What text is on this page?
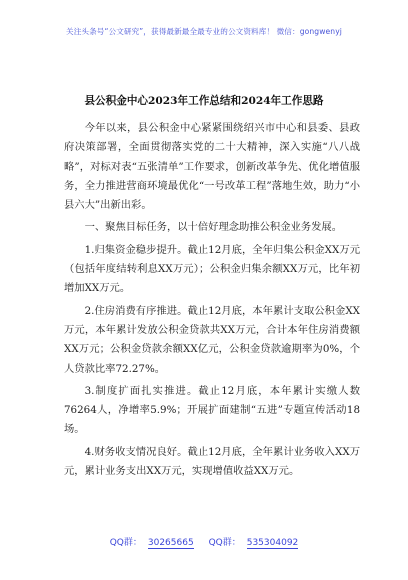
关注头条号“公文研究”，获得最新最全最专业的公文资料库！ 微信：gongwenyj
县公积金中心2023年工作总结和2024年工作思路

今年以来，县公积金中心紧紧围绕绍兴市中心和县委、县政府决策部署，全面贯彻落实党的二十大精神，深入实施“八八战略”，对标对表“五张清单”工作要求，创新改革争先、优化增值服务，全力推进营商环境最优化“一号改革工程”落地生效，助力“小县六大”出新出彩。

一、聚焦目标任务，以十倍好理念助推公积金业务发展。

1.归集资金稳步提升。截止12月底，全年归集公积金XX万元（包括年度结转利息XX万元）；公积金归集余额XX万元，比年初增加XX万元。

2.住房消费有序推进。截止12月底，本年累计支取公积金XX万元，本年累计发放公积金贷款共XX万元，合计本年住房消费额XX万元；公积金贷款余额XX亿元，公积金贷款逾期率为0%，个人贷款比率72.27%。

3.制度扩面扎实推进。截止12月底，本年累计实缴人数76264人，净增率5.9%；开展扩面建制“五进”专题宣传活动18场。

4.财务收支情况良好。截止12月底，全年累计业务收入XX万元，累计业务支出XX万元，实现增值收益XX万元。

QQ群： 30265665 QQ群： 535304092
